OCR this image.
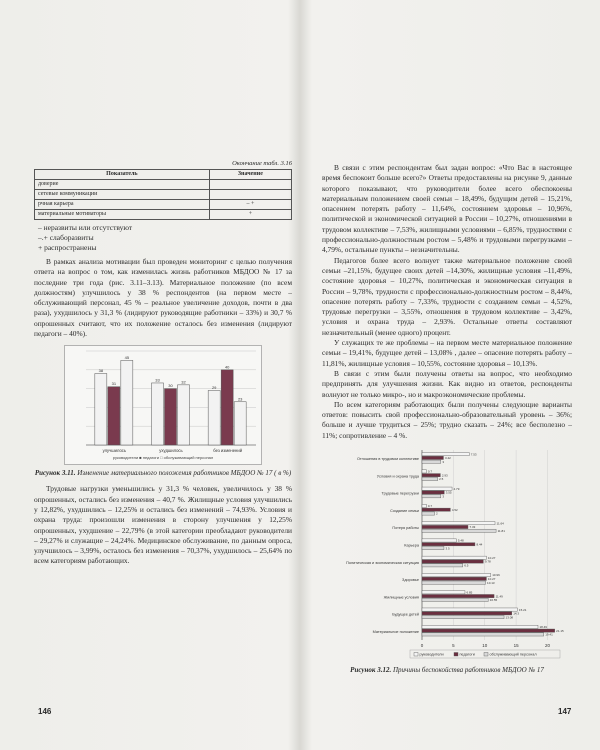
Окончание табл. 3.16
Показатель	Значение
доверие	
сетевые коммуникации	
рчная карьера	– +
материальные мотиваторы	+
– неразвиты или отсутствуют
–.+ слаборазвиты
+ распространены

В рамках анализа мотивации был проведен мониторинг с целью получения ответа на вопрос о том, как изменилась жизнь работников МБДОО № 17 за последние три года (рис. 3.11–3.13). Материальное положение (по всем должностям) улучшилось у 38 % респондентов (на первом месте – обслуживающий персонал, 45 % – реальное увеличение доходов, почти в два раза), ухудшилось у 31,3 % (лидируют руководящие работники – 33%) и 30,7 % опрошенных считают, что их положение осталось без изменения (лидируют педагоги – 40%).

38
31
45
улучшилось
33
30
32
ухудшилось
29
40
23
без изменений
руководители ■ педагоги □ обслуживающий персонал
Рисунок 3.11. Изменение материального положения работников МБДОО № 17 ( в %)

Трудовые нагрузки уменьшились у 31,3 % человек, увеличилось у 38 % опрошенных, остались без изменения – 40,7 %. Жилищные условия улучшились у 12,82%, ухудшились – 12,25% и остались без изменений – 74,93%. Условия и охрана труда: произошли изменения в сторону улучшения у 12,25% опрошенных, ухудшение – 22,79% (в этой категории преобладают руководители – 29,27% и служащие – 24,24%. Медицинское обслуживание, по данным опроса, улучшилось – 3,99%, осталось без изменения – 70,37%, ухудшилось – 25,64% по всем категориям работающих.

В связи с этим респондентам был задан вопрос: «Что Вас в настоящее время беспокоит больше всего?» Ответы предоставлены на рисунке 9, данные которого показывают, что руководители более всего обеспокоены материальным положением своей семьи – 18,49%, будущим детей – 15,21%, опасением потерять работу – 11,64%, состоянием здоровья – 10,96%, политической и экономической ситуацией в России – 10,27%, отношениями в трудовом коллективе – 7,53%, жилищными условиями – 6,85%, трудностями с профессионально-должностным ростом – 5,48% и трудовыми перегрузками – 4,79%, остальные пункты – незначительны.

Педагогов более всего волнует также материальное положение своей семьи –21,15%, будущее своих детей –14,30%, жилищные условия –11,49%, состояние здоровья – 10,27%, политическая и экономическая ситуация в России – 9,78%, трудности с профессионально-должностным ростом – 8,44%, опасение потерять работу – 7,33%, трудности с созданием семьи – 4,52%, трудовые перегрузки – 3,55%, отношения в трудовом коллективе – 3,42%, условия и охрана труда – 2,93%. Остальные ответы составляют незначительный (менее одного) процент.

У служащих те же проблемы – на первом месте материальное положение семьи – 19,41%, будущее детей – 13,08% , далее – опасение потерять работу – 11,81%, жилищные условия – 10,55%, состояние здоровья – 10,13%.

В связи с этим были получены ответы на вопрос, что необходимо предпринять для улучшения жизни. Как видно из ответов, респонденты волнуют не только микро-, но и макроэкономические проблемы.

По всем категориям работающих были получены следующие варианты ответов: повысить свой профессионально-образовательный уровень – 36%; больше и лучше трудиться – 25%; трудно сказать – 24%; все бесполезно – 11%; сопротивление – 4 %.

0	5	10	15	20
Отношения в трудовом коллективе
7.53
3.42
3
Условия и охрана труда
0.7
2.93
2.5
Трудовые перегрузки
4.79
3.55
3
Создание семьи
0.7
4.52
2
Потеря работы
11.64
7.33
11.81
Карьера
5.48
8.44
3.5
Политическая и экономическая ситуация
10.27
9.78
6.5
Здоровье
10.96
10.27
10.13
Жилищные условия
6.85
11.49
10.55
Будущее детей
15.21
14.3
13.08
Материальное положение
18.49
21.15
19.41
руководители	педагоги	обслуживающий персонал
Рисунок 3.12. Причины беспокойства работников МБДОО № 17
146	147
